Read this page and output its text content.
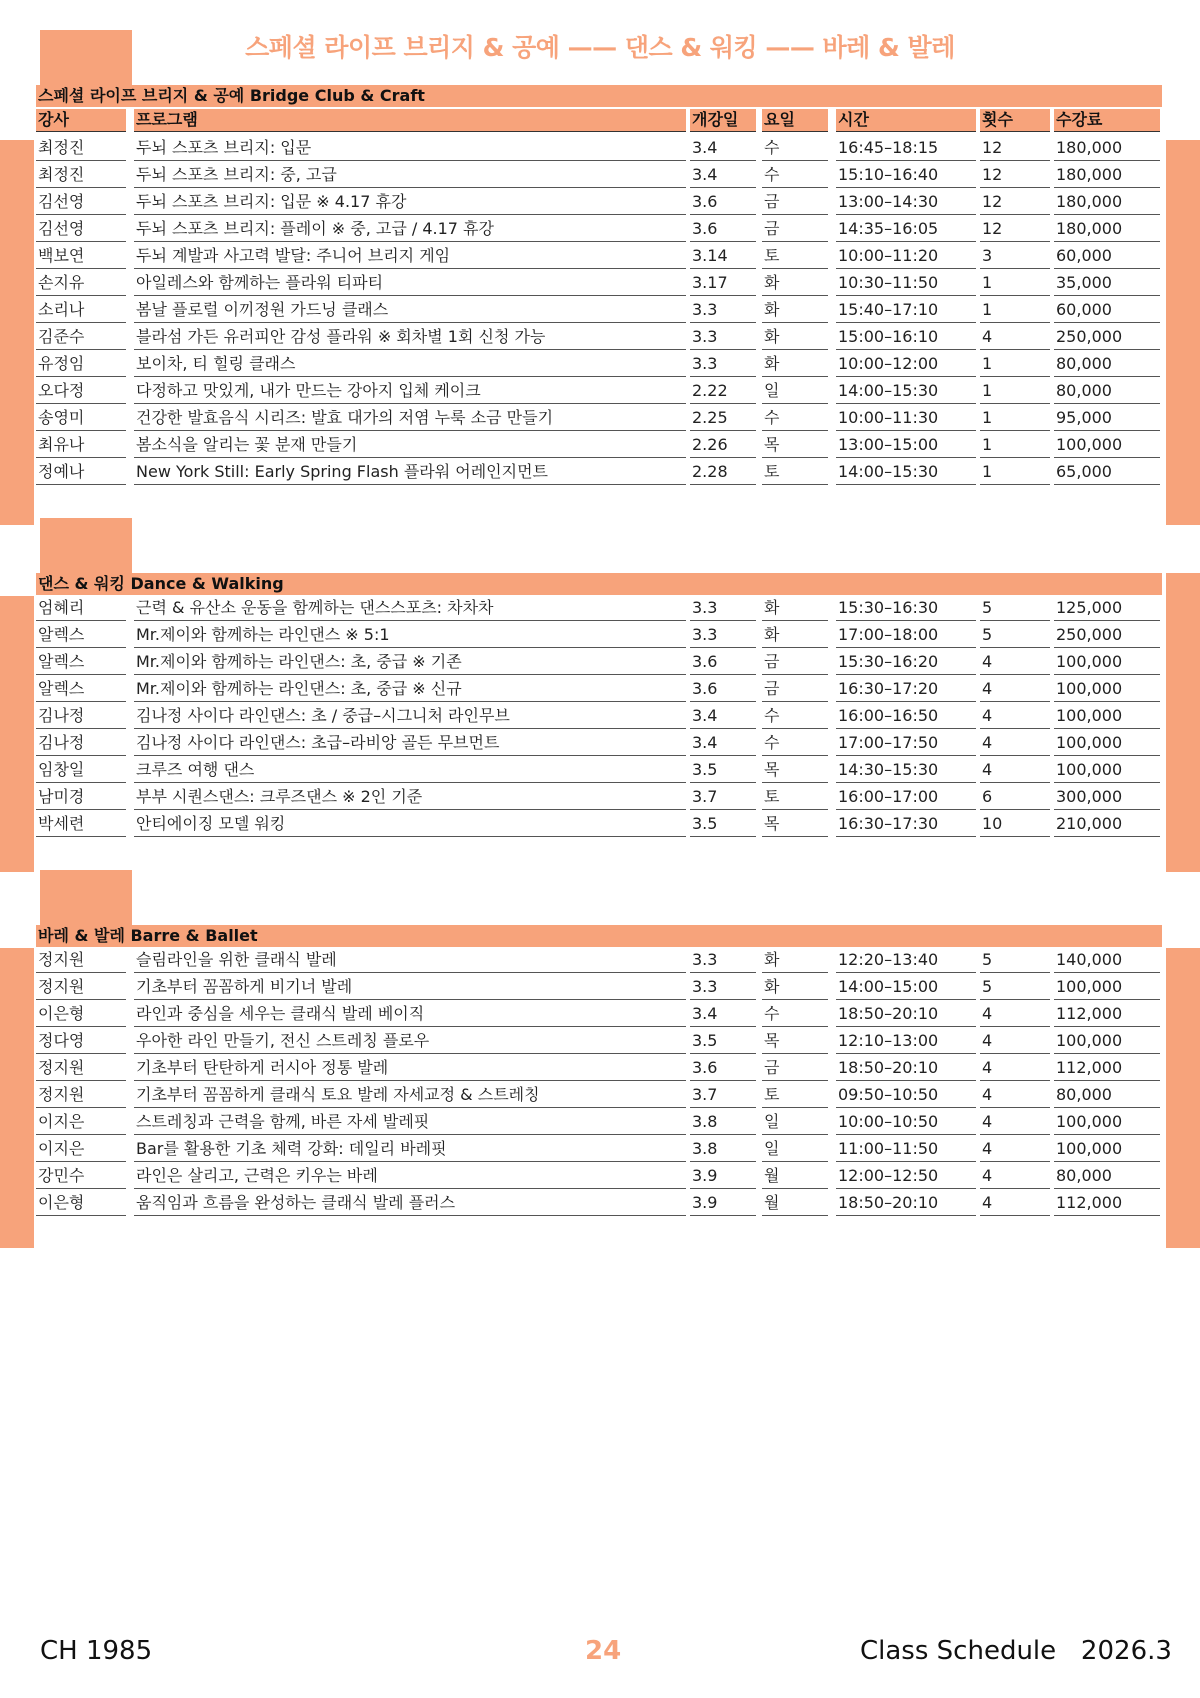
스페셜 라이프 브리지 & 공예 —— 댄스 & 워킹 —— 바레 & 발레
스페셜 라이프 브리지 & 공예 Bridge Club & Craft
강사	프로그램	개강일	요일	시간	횟수	수강료
최정진	두뇌 스포츠 브리지: 입문	3.4	수	16:45–18:15	12	180,000
최정진	두뇌 스포츠 브리지: 중, 고급	3.4	수	15:10–16:40	12	180,000
김선영	두뇌 스포츠 브리지: 입문 ※ 4.17 휴강	3.6	금	13:00–14:30	12	180,000
김선영	두뇌 스포츠 브리지: 플레이 ※ 중, 고급 / 4.17 휴강	3.6	금	14:35–16:05	12	180,000
백보연	두뇌 계발과 사고력 발달: 주니어 브리지 게임	3.14	토	10:00–11:20	3	60,000
손지유	아일레스와 함께하는 플라워 티파티	3.17	화	10:30–11:50	1	35,000
소리나	봄날 플로럴 이끼정원 가드닝 클래스	3.3	화	15:40–17:10	1	60,000
김준수	블라섬 가든 유러피안 감성 플라워 ※ 회차별 1회 신청 가능	3.3	화	15:00–16:10	4	250,000
유정임	보이차, 티 힐링 클래스	3.3	화	10:00–12:00	1	80,000
오다정	다정하고 맛있게, 내가 만드는 강아지 입체 케이크	2.22	일	14:00–15:30	1	80,000
송영미	건강한 발효음식 시리즈: 발효 대가의 저염 누룩 소금 만들기	2.25	수	10:00–11:30	1	95,000
최유나	봄소식을 알리는 꽃 분재 만들기	2.26	목	13:00–15:00	1	100,000
정예나	New York Still: Early Spring Flash 플라워 어레인지먼트	2.28	토	14:00–15:30	1	65,000
댄스 & 워킹 Dance & Walking
엄혜리	근력 & 유산소 운동을 함께하는 댄스스포츠: 차차차	3.3	화	15:30–16:30	5	125,000
알렉스	Mr.제이와 함께하는 라인댄스 ※ 5:1	3.3	화	17:00–18:00	5	250,000
알렉스	Mr.제이와 함께하는 라인댄스: 초, 중급 ※ 기존	3.6	금	15:30–16:20	4	100,000
알렉스	Mr.제이와 함께하는 라인댄스: 초, 중급 ※ 신규	3.6	금	16:30–17:20	4	100,000
김나정	김나정 사이다 라인댄스: 초 / 중급–시그니처 라인무브	3.4	수	16:00–16:50	4	100,000
김나정	김나정 사이다 라인댄스: 초급–라비앙 골든 무브먼트	3.4	수	17:00–17:50	4	100,000
임창일	크루즈 여행 댄스	3.5	목	14:30–15:30	4	100,000
남미경	부부 시퀀스댄스: 크루즈댄스 ※ 2인 기준	3.7	토	16:00–17:00	6	300,000
박세련	안티에이징 모델 워킹	3.5	목	16:30–17:30	10	210,000
바레 & 발레 Barre & Ballet
정지원	슬림라인을 위한 클래식 발레	3.3	화	12:20–13:40	5	140,000
정지원	기초부터 꼼꼼하게 비기너 발레	3.3	화	14:00–15:00	5	100,000
이은형	라인과 중심을 세우는 클래식 발레 베이직	3.4	수	18:50–20:10	4	112,000
정다영	우아한 라인 만들기, 전신 스트레칭 플로우	3.5	목	12:10–13:00	4	100,000
정지원	기초부터 탄탄하게 러시아 정통 발레	3.6	금	18:50–20:10	4	112,000
정지원	기초부터 꼼꼼하게 클래식 토요 발레 자세교정 & 스트레칭	3.7	토	09:50–10:50	4	80,000
이지은	스트레칭과 근력을 함께, 바른 자세 발레핏	3.8	일	10:00–10:50	4	100,000
이지은	Bar를 활용한 기초 체력 강화: 데일리 바레핏	3.8	일	11:00–11:50	4	100,000
강민수	라인은 살리고, 근력은 키우는 바레	3.9	월	12:00–12:50	4	80,000
이은형	움직임과 흐름을 완성하는 클래식 발레 플러스	3.9	월	18:50–20:10	4	112,000
CH 1985	24	Class Schedule   2026.3
